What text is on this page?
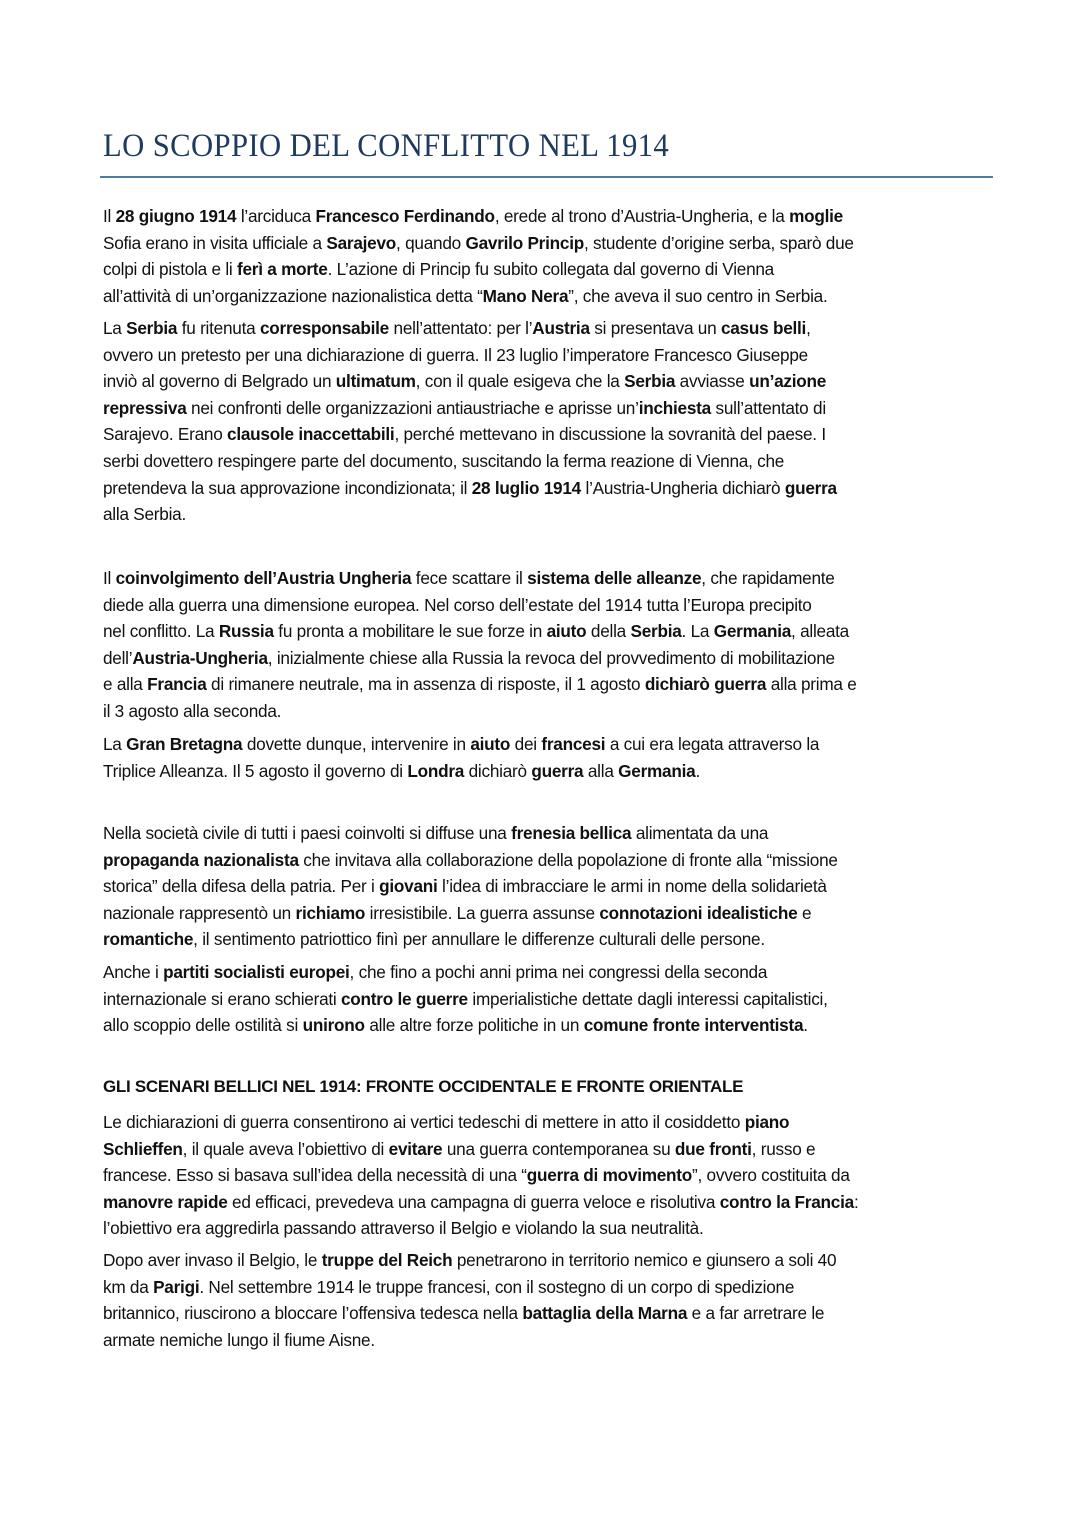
LO SCOPPIO DEL CONFLITTO NEL 1914
Il 28 giugno 1914 l’arciduca Francesco Ferdinando, erede al trono d’Austria-Ungheria, e la moglie
Sofia erano in visita ufficiale a Sarajevo, quando Gavrilo Princip, studente d’origine serba, sparò due
colpi di pistola e li ferì a morte. L’azione di Princip fu subito collegata dal governo di Vienna
all’attività di un’organizzazione nazionalistica detta “Mano Nera”, che aveva il suo centro in Serbia.
La Serbia fu ritenuta corresponsabile nell’attentato: per l’Austria si presentava un casus belli,
ovvero un pretesto per una dichiarazione di guerra. Il 23 luglio l’imperatore Francesco Giuseppe
inviò al governo di Belgrado un ultimatum, con il quale esigeva che la Serbia avviasse un’azione
repressiva nei confronti delle organizzazioni antiaustriache e aprisse un’inchiesta sull’attentato di
Sarajevo. Erano clausole inaccettabili, perché mettevano in discussione la sovranità del paese. I
serbi dovettero respingere parte del documento, suscitando la ferma reazione di Vienna, che
pretendeva la sua approvazione incondizionata; il 28 luglio 1914 l’Austria-Ungheria dichiarò guerra
alla Serbia.
Il coinvolgimento dell’Austria Ungheria fece scattare il sistema delle alleanze, che rapidamente
diede alla guerra una dimensione europea. Nel corso dell’estate del 1914 tutta l’Europa precipito
nel conflitto. La Russia fu pronta a mobilitare le sue forze in aiuto della Serbia. La Germania, alleata
dell’Austria-Ungheria, inizialmente chiese alla Russia la revoca del provvedimento di mobilitazione
e alla Francia di rimanere neutrale, ma in assenza di risposte, il 1 agosto dichiarò guerra alla prima e
il 3 agosto alla seconda.
La Gran Bretagna dovette dunque, intervenire in aiuto dei francesi a cui era legata attraverso la
Triplice Alleanza. Il 5 agosto il governo di Londra dichiarò guerra alla Germania.
Nella società civile di tutti i paesi coinvolti si diffuse una frenesia bellica alimentata da una
propaganda nazionalista che invitava alla collaborazione della popolazione di fronte alla “missione
storica” della difesa della patria. Per i giovani l’idea di imbracciare le armi in nome della solidarietà
nazionale rappresentò un richiamo irresistibile. La guerra assunse connotazioni idealistiche e
romantiche, il sentimento patriottico finì per annullare le differenze culturali delle persone.
Anche i partiti socialisti europei, che fino a pochi anni prima nei congressi della seconda
internazionale si erano schierati contro le guerre imperialistiche dettate dagli interessi capitalistici,
allo scoppio delle ostilità si unirono alle altre forze politiche in un comune fronte interventista.
GLI SCENARI BELLICI NEL 1914: FRONTE OCCIDENTALE E FRONTE ORIENTALE
Le dichiarazioni di guerra consentirono ai vertici tedeschi di mettere in atto il cosiddetto piano
Schlieffen, il quale aveva l’obiettivo di evitare una guerra contemporanea su due fronti, russo e
francese. Esso si basava sull’idea della necessità di una “guerra di movimento”, ovvero costituita da
manovre rapide ed efficaci, prevedeva una campagna di guerra veloce e risolutiva contro la Francia:
l’obiettivo era aggredirla passando attraverso il Belgio e violando la sua neutralità.
Dopo aver invaso il Belgio, le truppe del Reich penetrarono in territorio nemico e giunsero a soli 40
km da Parigi. Nel settembre 1914 le truppe francesi, con il sostegno di un corpo di spedizione
britannico, riuscirono a bloccare l’offensiva tedesca nella battaglia della Marna e a far arretrare le
armate nemiche lungo il fiume Aisne.
